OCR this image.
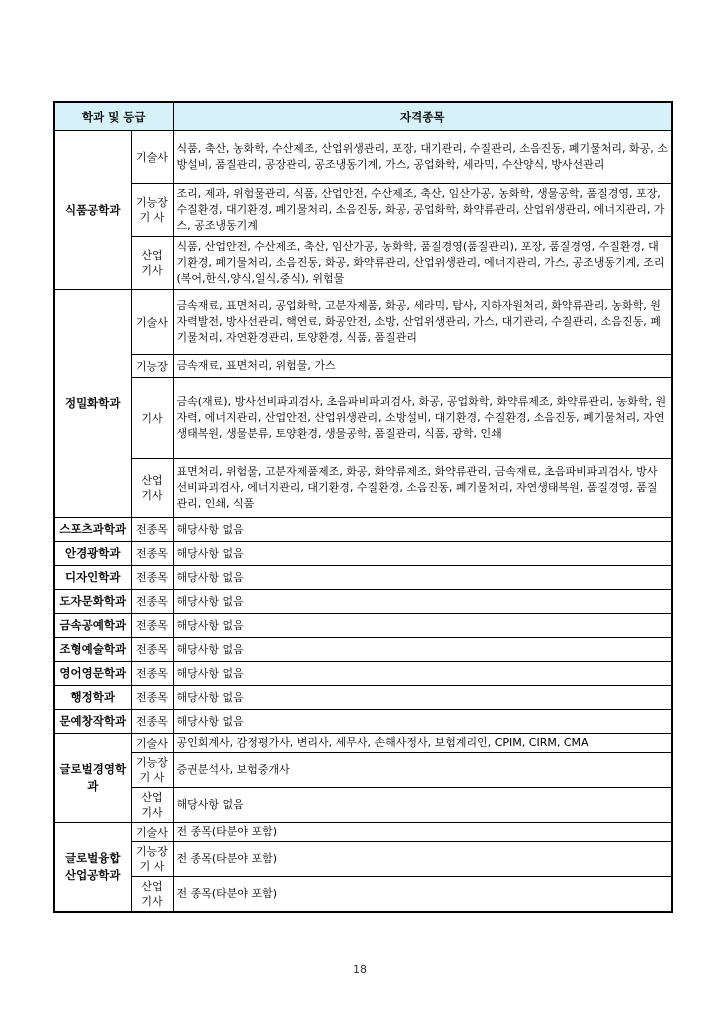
학과 및 등급		자격종목
식품공학과	기술사	식품, 축산, 농화학, 수산제조, 산업위생관리, 포장, 대기관리, 수질관리, 소음진동, 폐기물처리, 화공, 소방설비, 품질관리, 공장관리, 공조냉동기계, 가스, 공업화학, 세라믹, 수산양식, 방사선관리
	기능장 기 사	조리, 제과, 위험물관리, 식품, 산업안전, 수산제조, 축산, 임산가공, 농화학, 생물공학, 품질경영, 포장, 수질환경, 대기환경, 폐기물처리, 소음진동, 화공, 공업화학, 화약류관리, 산업위생관리, 에너지관리, 가스, 공조냉동기계
	산업 기사	식품, 산업안전, 수산제조, 축산, 임산가공, 농화학, 품질경영(품질관리), 포장, 품질경영, 수질환경, 대기환경, 폐기물처리, 소음진동, 화공, 화약류관리, 산업위생관리, 에너지관리, 가스, 공조냉동기계, 조리(복어,한식,양식,일식,중식), 위험물
정밀화학과	기술사	금속재료, 표면처리, 공업화학, 고분자제품, 화공, 세라믹, 탐사, 지하자원처리, 화약류관리, 농화학, 원자력발전, 방사선관리, 핵연료, 화공안전, 소방, 산업위생관리, 가스, 대기관리, 수질관리, 소음진동, 폐기물처리, 자연환경관리, 토양환경, 식품, 품질관리
	기능장	금속재료, 표면처리, 위험물, 가스
	기사	금속(재료), 방사선비파괴검사, 초음파비파괴검사, 화공, 공업화학, 화약류제조, 화약류관리, 농화학, 원자력, 에너지관리, 산업안전, 산업위생관리, 소방설비, 대기환경, 수질환경, 소음진동, 폐기물처리, 자연생태복원, 생물분류, 토양환경, 생물공학, 품질관리, 식품, 광학, 인쇄
	산업 기사	표면처리, 위험물, 고분자제품제조, 화공, 화약류제조, 화약류관리, 금속재료, 초음파비파괴검사, 방사선비파괴검사, 에너지관리, 대기환경, 수질환경, 소음진동, 폐기물처리, 자연생태복원, 품질경영, 품질관리, 인쇄, 식품
스포츠과학과	전종목	해당사항 없음
안경광학과	전종목	해당사항 없음
디자인학과	전종목	해당사항 없음
도자문화학과	전종목	해당사항 없음
금속공예학과	전종목	해당사항 없음
조형예술학과	전종목	해당사항 없음
영어영문학과	전종목	해당사항 없음
행정학과	전종목	해당사항 없음
문예창작학과	전종목	해당사항 없음
글로벌경영학과	기술사	공인회계사, 감정평가사, 변리사, 세무사, 손해사정사, 보험계리인, CPIM, CIRM, CMA
	기능장 기 사	증권분석사, 보험중개사
	산업 기사	해당사항 없음
글로벌융합 산업공학과	기술사	전 종목(타분야 포함)
	기능장 기 사	전 종목(타분야 포함)
	산업 기사	전 종목(타분야 포함)
18
